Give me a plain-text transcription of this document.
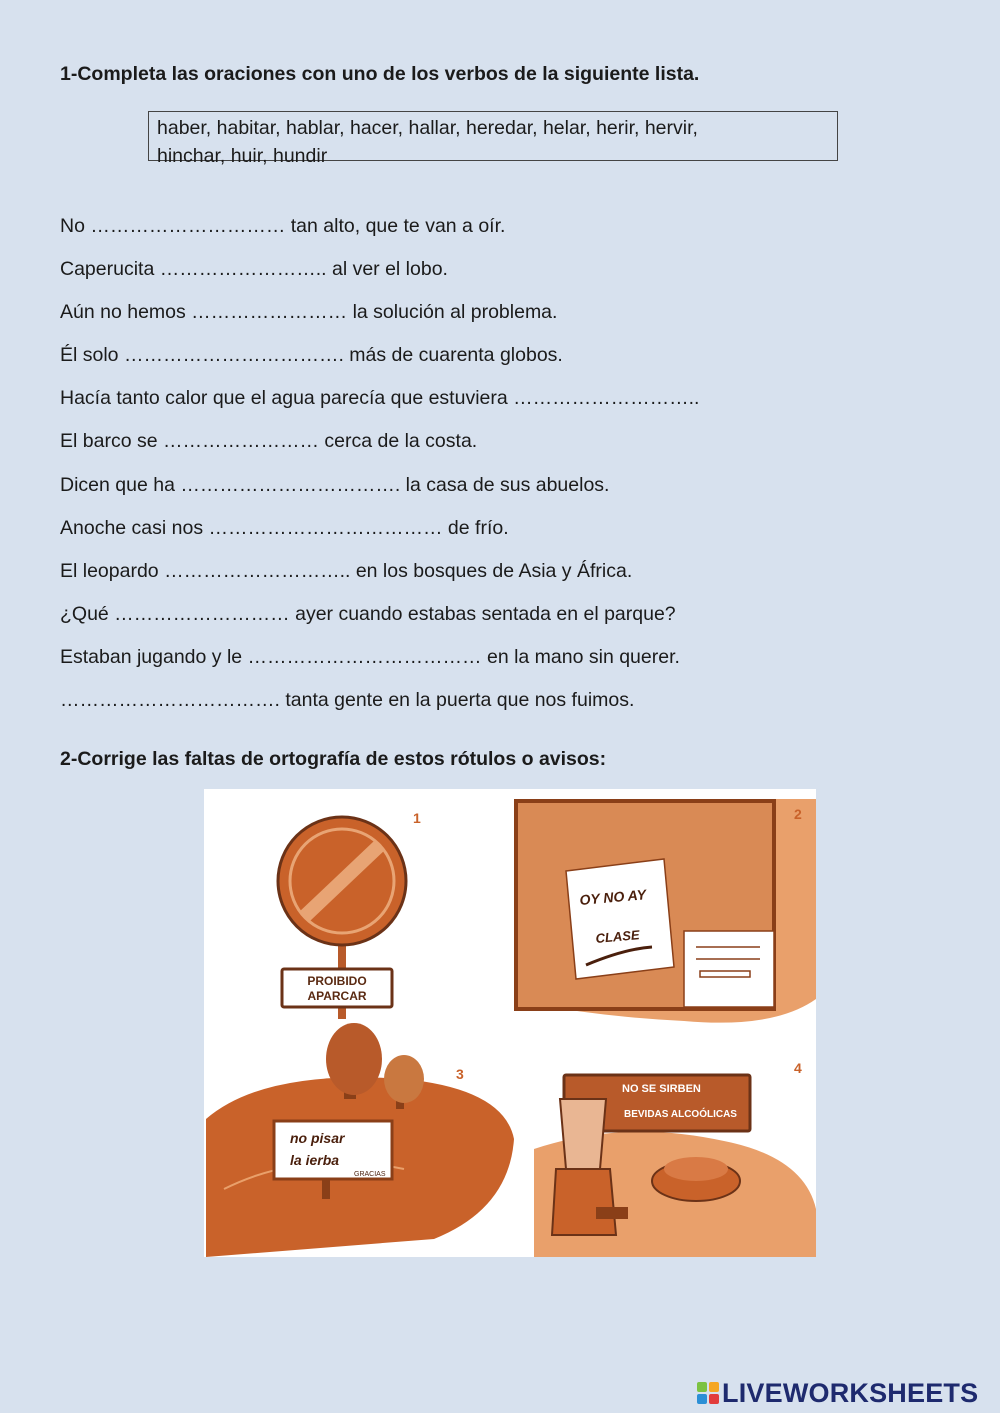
1-Completa las oraciones con uno de los verbos de la siguiente lista.
haber, habitar, hablar, hacer, hallar, heredar, helar, herir, hervir,
hinchar, huir, hundir

No ………………………… tan alto, que te van a oír.

Caperucita …………………….. al ver el lobo.

Aún no hemos …………………… la solución al problema.

Él solo ……………………………. más de cuarenta globos.

Hacía tanto calor que el agua parecía que estuviera ………………………..

El barco se …………………… cerca de la costa.

Dicen que ha ……………………………. la casa de sus abuelos.

Anoche casi nos ……………………………… de frío.

El leopardo ……………………….. en los bosques de Asia y África.

¿Qué ……………………… ayer cuando estabas sentada en el parque?

Estaban jugando y le ……………………………… en la mano sin querer.

……………………………. tanta gente en la puerta que nos fuimos.

2-Corrige las faltas de ortografía de estos rótulos o avisos:
PROIBIDO
APARCAR
1
OY NO AY
CLASE
2
no pisar
la ierba
GRACIAS
3
NO SE SIRBEN
BEVIDAS ALCOÓLICAS
4
LIVEWORKSHEETS
